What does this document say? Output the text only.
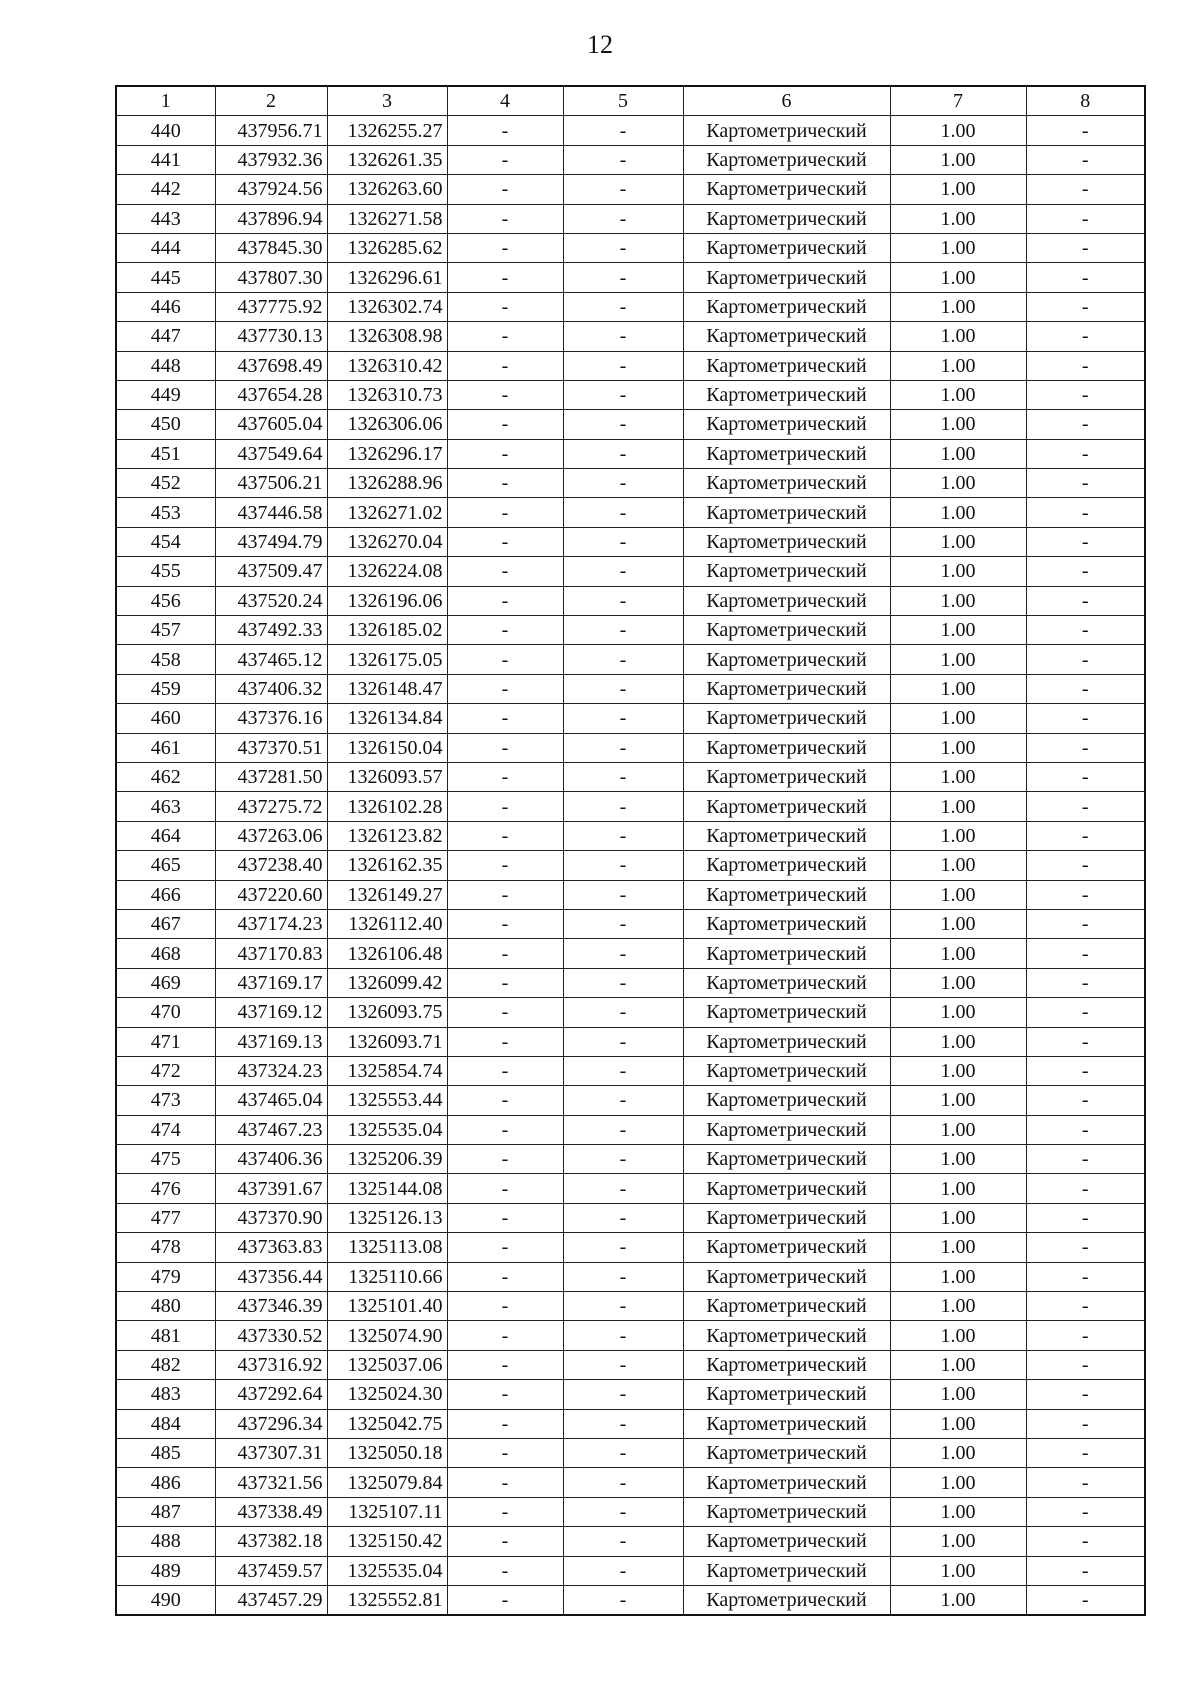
12
1	2	3	4	5	6	7	8
440	437956.71	1326255.27	-	-	Картометрический	1.00	-
441	437932.36	1326261.35	-	-	Картометрический	1.00	-
442	437924.56	1326263.60	-	-	Картометрический	1.00	-
443	437896.94	1326271.58	-	-	Картометрический	1.00	-
444	437845.30	1326285.62	-	-	Картометрический	1.00	-
445	437807.30	1326296.61	-	-	Картометрический	1.00	-
446	437775.92	1326302.74	-	-	Картометрический	1.00	-
447	437730.13	1326308.98	-	-	Картометрический	1.00	-
448	437698.49	1326310.42	-	-	Картометрический	1.00	-
449	437654.28	1326310.73	-	-	Картометрический	1.00	-
450	437605.04	1326306.06	-	-	Картометрический	1.00	-
451	437549.64	1326296.17	-	-	Картометрический	1.00	-
452	437506.21	1326288.96	-	-	Картометрический	1.00	-
453	437446.58	1326271.02	-	-	Картометрический	1.00	-
454	437494.79	1326270.04	-	-	Картометрический	1.00	-
455	437509.47	1326224.08	-	-	Картометрический	1.00	-
456	437520.24	1326196.06	-	-	Картометрический	1.00	-
457	437492.33	1326185.02	-	-	Картометрический	1.00	-
458	437465.12	1326175.05	-	-	Картометрический	1.00	-
459	437406.32	1326148.47	-	-	Картометрический	1.00	-
460	437376.16	1326134.84	-	-	Картометрический	1.00	-
461	437370.51	1326150.04	-	-	Картометрический	1.00	-
462	437281.50	1326093.57	-	-	Картометрический	1.00	-
463	437275.72	1326102.28	-	-	Картометрический	1.00	-
464	437263.06	1326123.82	-	-	Картометрический	1.00	-
465	437238.40	1326162.35	-	-	Картометрический	1.00	-
466	437220.60	1326149.27	-	-	Картометрический	1.00	-
467	437174.23	1326112.40	-	-	Картометрический	1.00	-
468	437170.83	1326106.48	-	-	Картометрический	1.00	-
469	437169.17	1326099.42	-	-	Картометрический	1.00	-
470	437169.12	1326093.75	-	-	Картометрический	1.00	-
471	437169.13	1326093.71	-	-	Картометрический	1.00	-
472	437324.23	1325854.74	-	-	Картометрический	1.00	-
473	437465.04	1325553.44	-	-	Картометрический	1.00	-
474	437467.23	1325535.04	-	-	Картометрический	1.00	-
475	437406.36	1325206.39	-	-	Картометрический	1.00	-
476	437391.67	1325144.08	-	-	Картометрический	1.00	-
477	437370.90	1325126.13	-	-	Картометрический	1.00	-
478	437363.83	1325113.08	-	-	Картометрический	1.00	-
479	437356.44	1325110.66	-	-	Картометрический	1.00	-
480	437346.39	1325101.40	-	-	Картометрический	1.00	-
481	437330.52	1325074.90	-	-	Картометрический	1.00	-
482	437316.92	1325037.06	-	-	Картометрический	1.00	-
483	437292.64	1325024.30	-	-	Картометрический	1.00	-
484	437296.34	1325042.75	-	-	Картометрический	1.00	-
485	437307.31	1325050.18	-	-	Картометрический	1.00	-
486	437321.56	1325079.84	-	-	Картометрический	1.00	-
487	437338.49	1325107.11	-	-	Картометрический	1.00	-
488	437382.18	1325150.42	-	-	Картометрический	1.00	-
489	437459.57	1325535.04	-	-	Картометрический	1.00	-
490	437457.29	1325552.81	-	-	Картометрический	1.00	-
